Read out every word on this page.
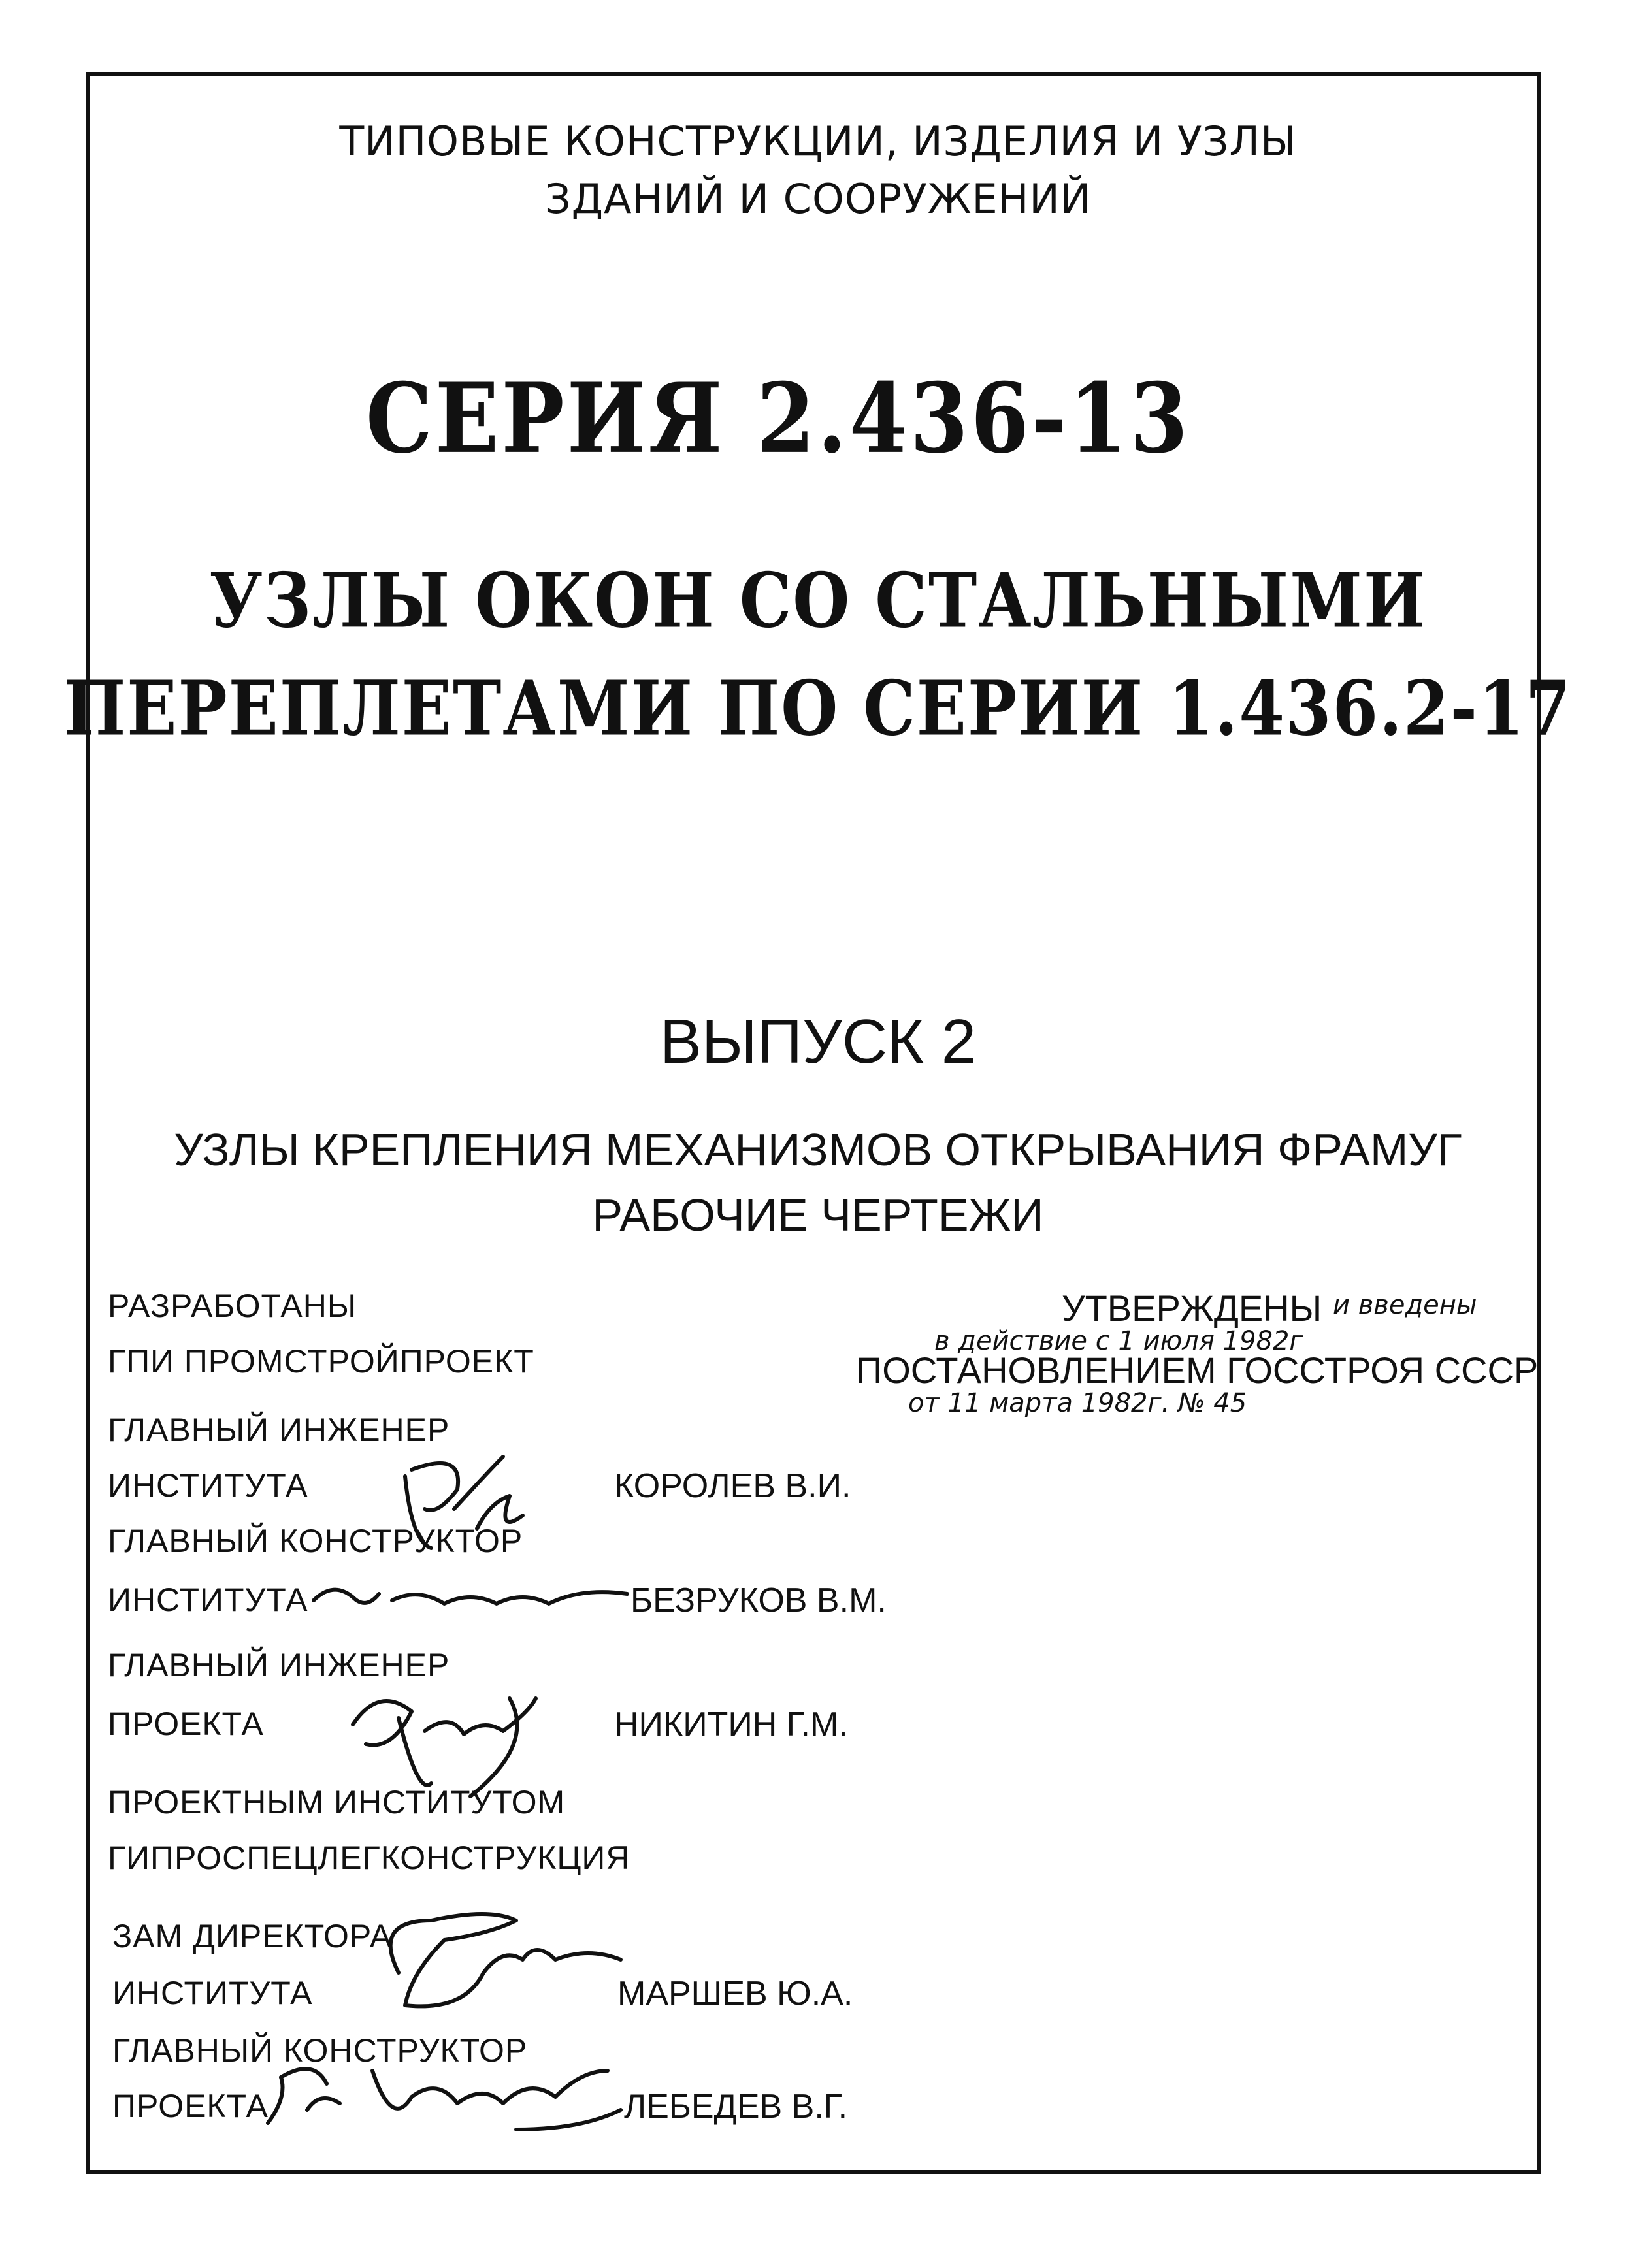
ТИПОВЫЕ КОНСТРУКЦИИ, ИЗДЕЛИЯ И УЗЛЫ
ЗДАНИЙ И СООРУЖЕНИЙ
СЕРИЯ 2.436-13
УЗЛЫ ОКОН СО СТАЛЬНЫМИ
ПЕРЕПЛЕТАМИ ПО СЕРИИ 1.436.2-17
ВЫПУСК 2
УЗЛЫ КРЕПЛЕНИЯ МЕХАНИЗМОВ ОТКРЫВАНИЯ ФРАМУГ
РАБОЧИЕ ЧЕРТЕЖИ
РАЗРАБОТАНЫ
ГПИ ПРОМСТРОЙПРОЕКТ
ГЛАВНЫЙ ИНЖЕНЕР
ИНСТИТУТА	КОРОЛЕВ В.И.
ГЛАВНЫЙ КОНСТРУКТОР
ИНСТИТУТА	БЕЗРУКОВ В.М.
ГЛАВНЫЙ ИНЖЕНЕР
ПРОЕКТА	НИКИТИН Г.М.
ПРОЕКТНЫМ ИНСТИТУТОМ
ГИПРОСПЕЦЛЕГКОНСТРУКЦИЯ
ЗАМ ДИРЕКТОРА
ИНСТИТУТА	МАРШЕВ Ю.А.
ГЛАВНЫЙ КОНСТРУКТОР
ПРОЕКТА	ЛЕБЕДЕВ В.Г.
УТВЕРЖДЕНЫ и введены
в действие с 1 июля 1982г
ПОСТАНОВЛЕНИЕМ ГОССТРОЯ СССР
от 11 марта 1982г. № 45
